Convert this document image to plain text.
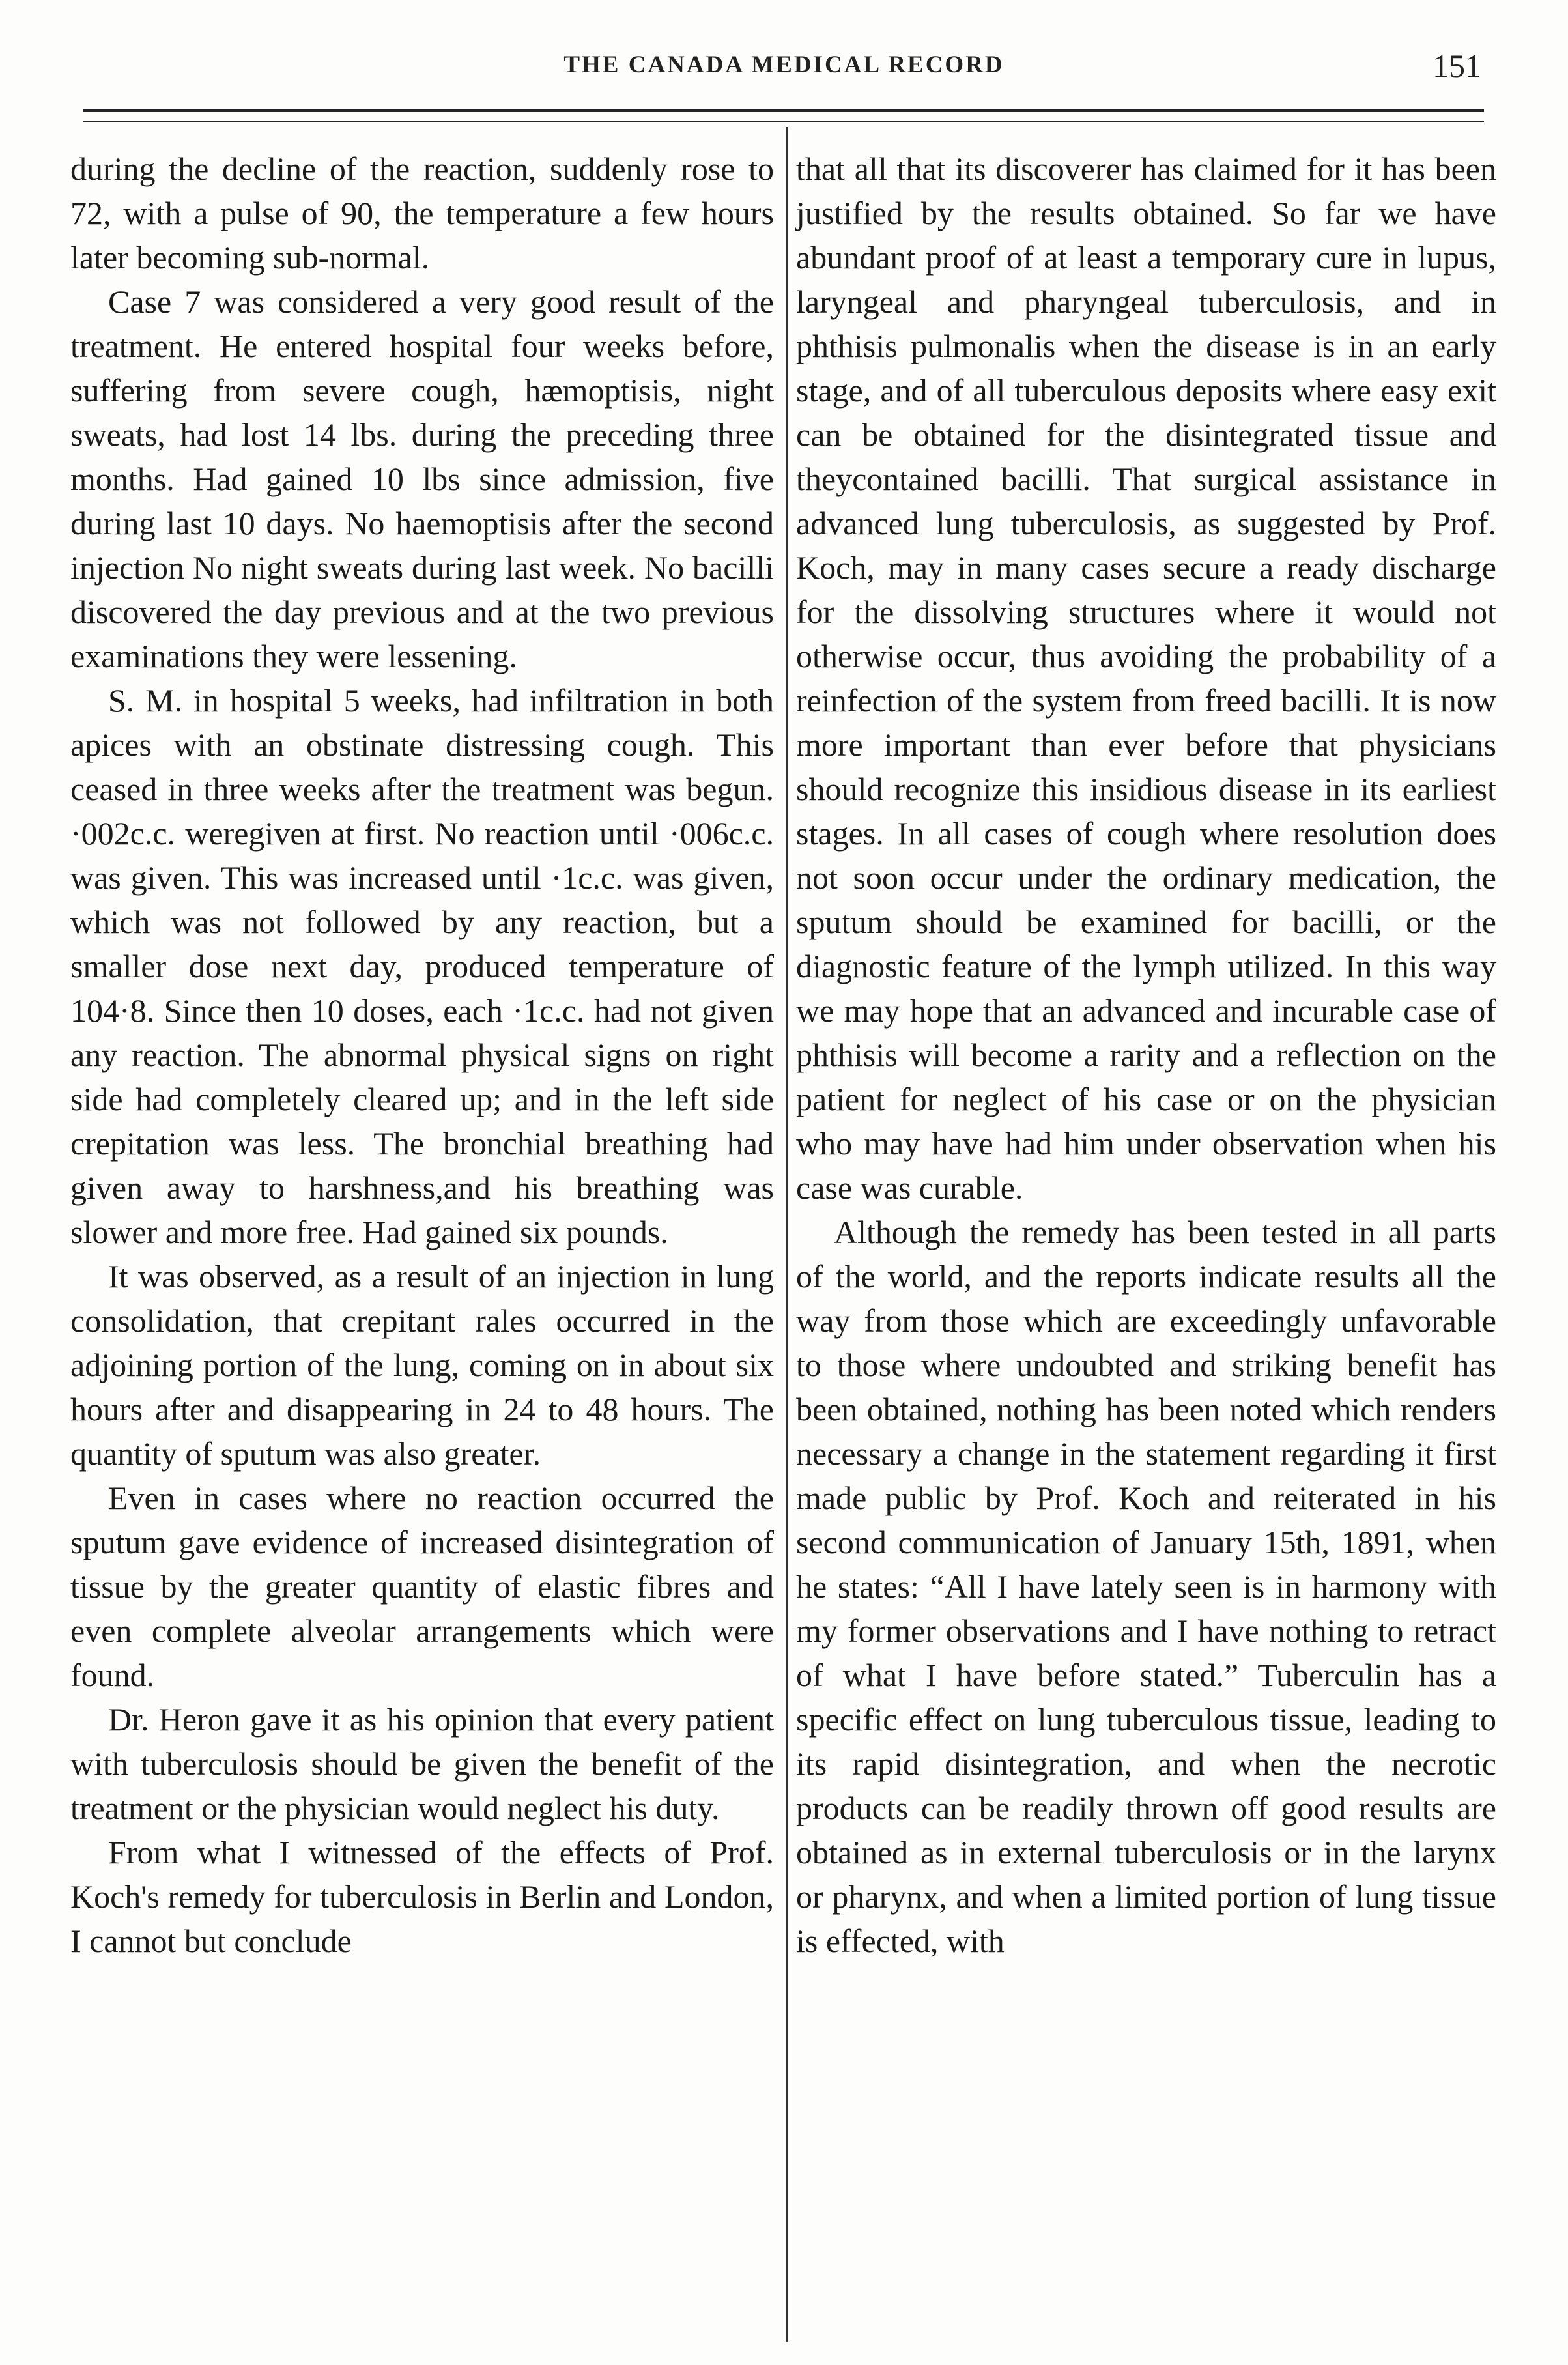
THE CANADA MEDICAL RECORD	151

during the decline of the reaction, suddenly rose to 72, with a pulse of 90, the temperature a few hours later becoming sub-normal.

Case 7 was considered a very good result of the treatment. He entered hospital four weeks before, suffering from severe cough, hæmoptisis, night sweats, had lost 14 lbs. during the preceding three months. Had gained 10 lbs since admission, five during last 10 days. No haemoptisis after the second injection No night sweats during last week. No bacilli discovered the day previous and at the two previous examinations they were lessening.

S. M. in hospital 5 weeks, had infiltration in both apices with an obstinate distressing cough. This ceased in three weeks after the treatment was begun. ·002c.c. weregiven at first. No reaction until ·006c.c. was given. This was increased until ·1c.c. was given, which was not followed by any reaction, but a smaller dose next day, produced temperature of 104·8. Since then 10 doses, each ·1c.c. had not given any reaction. The abnormal physical signs on right side had completely cleared up; and in the left side crepitation was less. The bronchial breathing had given away to harshness,and his breathing was slower and more free. Had gained six pounds.

It was observed, as a result of an injection in lung consolidation, that crepitant rales occurred in the adjoining portion of the lung, coming on in about six hours after and disappearing in 24 to 48 hours. The quantity of sputum was also greater.

Even in cases where no reaction occurred the sputum gave evidence of increased disintegration of tissue by the greater quantity of elastic fibres and even complete alveolar arrangements which were found.

Dr. Heron gave it as his opinion that every patient with tuberculosis should be given the benefit of the treatment or the physician would neglect his duty.

From what I witnessed of the effects of Prof. Koch's remedy for tuberculosis in Berlin and London, I cannot but conclude

that all that its discoverer has claimed for it has been justified by the results obtained. So far we have abundant proof of at least a temporary cure in lupus, laryngeal and pharyngeal tuberculosis, and in phthisis pulmonalis when the disease is in an early stage, and of all tuberculous deposits where easy exit can be obtained for the disintegrated tissue and theycontained bacilli. That surgical assistance in advanced lung tuberculosis, as suggested by Prof. Koch, may in many cases secure a ready discharge for the dissolving structures where it would not otherwise occur, thus avoiding the probability of a reinfection of the system from freed bacilli. It is now more important than ever before that physicians should recognize this insidious disease in its earliest stages. In all cases of cough where resolution does not soon occur under the ordinary medication, the sputum should be examined for bacilli, or the diagnostic feature of the lymph utilized. In this way we may hope that an advanced and incurable case of phthisis will become a rarity and a reflection on the patient for neglect of his case or on the physician who may have had him under observation when his case was curable.

Although the remedy has been tested in all parts of the world, and the reports indicate results all the way from those which are exceedingly unfavorable to those where undoubted and striking benefit has been obtained, nothing has been noted which renders necessary a change in the statement regarding it first made public by Prof. Koch and reiterated in his second communication of January 15th, 1891, when he states: “All I have lately seen is in harmony with my former observations and I have nothing to retract of what I have before stated.” Tuberculin has a specific effect on lung tuberculous tissue, leading to its rapid disintegration, and when the necrotic products can be readily thrown off good results are obtained as in external tuberculosis or in the larynx or pharynx, and when a limited portion of lung tissue is effected, with
